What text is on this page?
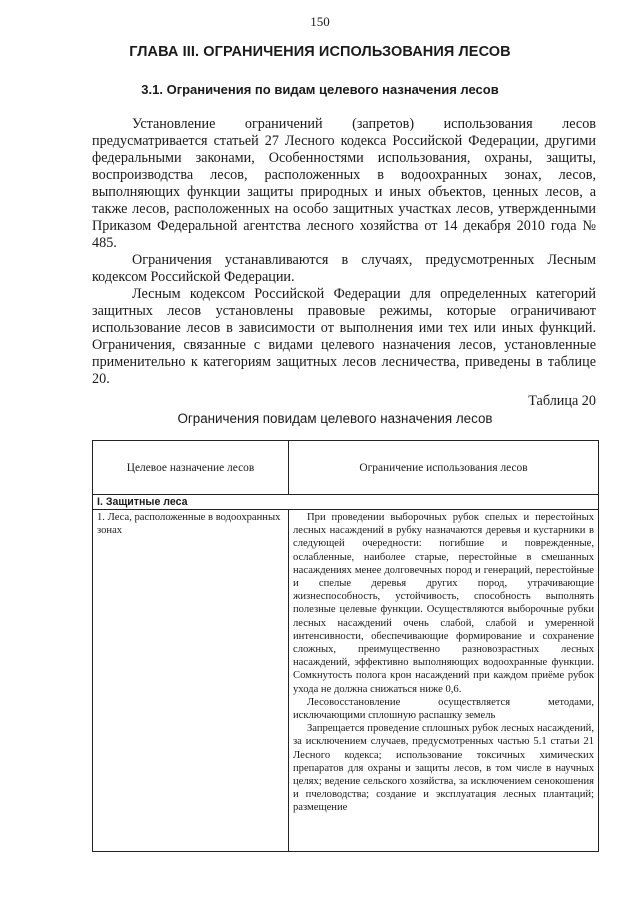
150
ГЛАВА III. ОГРАНИЧЕНИЯ ИСПОЛЬЗОВАНИЯ ЛЕСОВ
3.1. Ограничения по видам целевого назначения лесов

Установление ограничений (запретов) использования лесов предусматривается статьей 27 Лесного кодекса Российской Федерации, другими федеральными законами, Особенностями использования, охраны, защиты, воспроизводства лесов, расположенных в водоохранных зонах, лесов, выполняющих функции защиты природных и иных объектов, ценных лесов, а также лесов, расположенных на особо защитных участках лесов, утвержденными Приказом Федеральной агентства лесного хозяйства от 14 декабря 2010 года № 485.

Ограничения устанавливаются в случаях, предусмотренных Лесным кодексом Российской Федерации.

Лесным кодексом Российской Федерации для определенных категорий защитных лесов установлены правовые режимы, которые ограничивают использование лесов в зависимости от выполнения ими тех или иных функций. Ограничения, связанные с видами целевого назначения лесов, установленные применительно к категориям защитных лесов лесничества, приведены в таблице 20.

Таблица 20
Ограничения повидам целевого назначения лесов
Целевое назначение лесов	Ограничение использования лесов
I. Защитные леса	

1. Леса, расположенные в водоохранных зонах	При проведении выборочных рубок спелых и перестойных лесных насаждений в рубку назначаются деревья и кустарники в следующей очередности: погибшие и поврежденные, ослабленные, наиболее старые, перестойные в смешанных насаждениях менее долговечных пород и генераций, перестойные и спелые деревья других пород, утрачивающие жизнеспособность, устойчивость, способность выполнять полезные целевые функции. Осуществляются выборочные рубки лесных насаждений очень слабой, слабой и умеренной интенсивности, обеспечивающие формирование и сохранение сложных, преимущественно разновозрастных лесных насаждений, эффективно выполняющих водоохранные функции. Сомкнутость полога крон насаждений при каждом приёме рубок ухода не должна снижаться ниже 0,6.

Лесовосстановление осуществляется методами, исключающими сплошную распашку земель

Запрещается проведение сплошных рубок лесных насаждений, за исключением случаев, предусмотренных частью 5.1 статьи 21 Лесного кодекса; использование токсичных химических препаратов для охраны и защиты лесов, в том числе в научных целях; ведение сельского хозяйства, за исключением сенокошения и пчеловодства; создание и эксплуатация лесных плантаций; размещение
